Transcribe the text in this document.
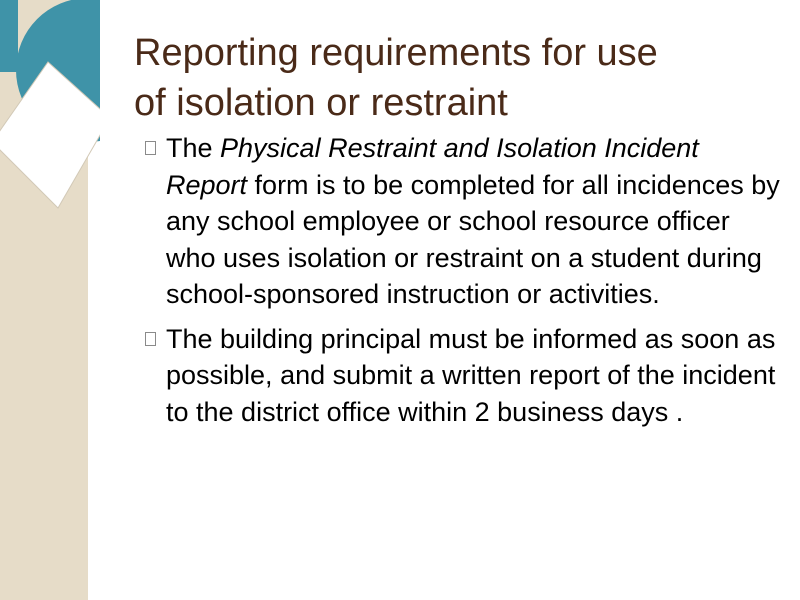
Reporting requirements for use
of isolation or restraint
The Physical Restraint and Isolation Incident Report form is to be completed for all incidences by any school employee or school resource officer who uses isolation or restraint on a student during school-sponsored instruction or activities.
The building principal must be informed as soon as possible, and submit a written report of the incident to the district office within 2 business days .
